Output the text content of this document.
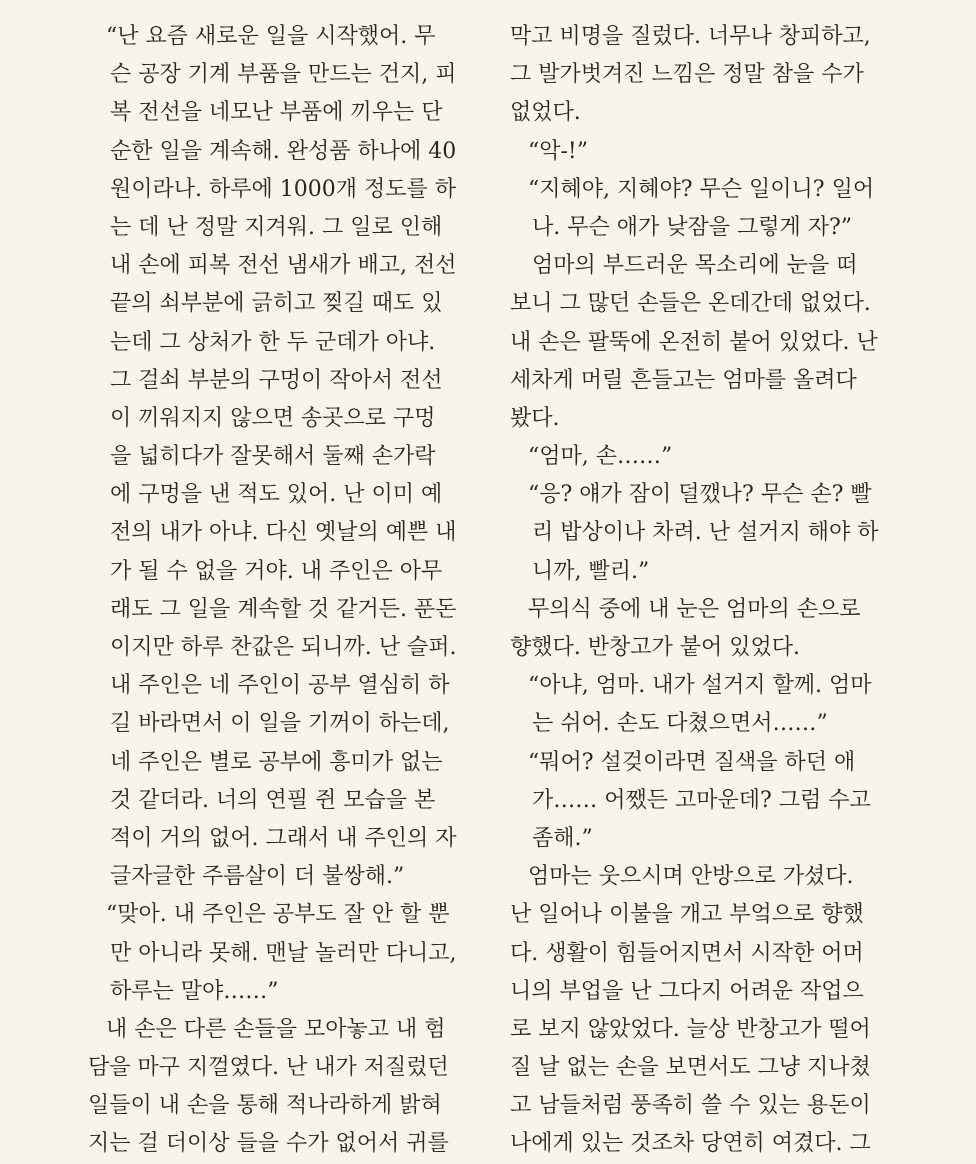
“난 요즘 새로운 일을 시작했어. 무
슨 공장 기계 부품을 만드는 건지, 피
복 전선을 네모난 부품에 끼우는 단
순한 일을 계속해. 완성품 하나에 40
원이라나. 하루에 1000개 정도를 하
는 데 난 정말 지겨워. 그 일로 인해
내 손에 피복 전선 냄새가 배고, 전선
끝의 쇠부분에 긁히고 찢길 때도 있
는데 그 상처가 한 두 군데가 아냐.
그 걸쇠 부분의 구멍이 작아서 전선
이 끼워지지 않으면 송곳으로 구멍
을 넓히다가 잘못해서 둘째 손가락
에 구멍을 낸 적도 있어. 난 이미 예
전의 내가 아냐. 다신 옛날의 예쁜 내
가 될 수 없을 거야. 내 주인은 아무
래도 그 일을 계속할 것 같거든. 푼돈
이지만 하루 찬값은 되니까. 난 슬퍼.
내 주인은 네 주인이 공부 열심히 하
길 바라면서 이 일을 기꺼이 하는데,
네 주인은 별로 공부에 흥미가 없는
것 같더라. 너의 연필 쥔 모습을 본
적이 거의 없어. 그래서 내 주인의 자
글자글한 주름살이 더 불쌍해.”
“맞아. 내 주인은 공부도 잘 안 할 뿐
만 아니라 못해. 맨날 놀러만 다니고,
하루는 말야……”
내 손은 다른 손들을 모아놓고 내 험
담을 마구 지껄였다. 난 내가 저질렀던
일들이 내 손을 통해 적나라하게 밝혀
지는 걸 더이상 들을 수가 없어서 귀를
막고 비명을 질렀다. 너무나 창피하고,
그 발가벗겨진 느낌은 정말 참을 수가
없었다.
“악-!”
“지혜야, 지혜야? 무슨 일이니? 일어
나. 무슨 애가 낮잠을 그렇게 자?”
엄마의 부드러운 목소리에 눈을 떠
보니 그 많던 손들은 온데간데 없었다.
내 손은 팔뚝에 온전히 붙어 있었다. 난
세차게 머릴 흔들고는 엄마를 올려다
봤다.
“엄마, 손……”
“응? 얘가 잠이 덜깼나? 무슨 손? 빨
리 밥상이나 차려. 난 설거지 해야 하
니까, 빨리.”
무의식 중에 내 눈은 엄마의 손으로
향했다. 반창고가 붙어 있었다.
“아냐, 엄마. 내가 설거지 할께. 엄마
는 쉬어. 손도 다쳤으면서……”
“뭐어? 설겆이라면 질색을 하던 애
가…… 어쨌든 고마운데? 그럼 수고
좀해.”
엄마는 웃으시며 안방으로 가셨다.
난 일어나 이불을 개고 부엌으로 향했
다. 생활이 힘들어지면서 시작한 어머
니의 부업을 난 그다지 어려운 작업으
로 보지 않았었다. 늘상 반창고가 떨어
질 날 없는 손을 보면서도 그냥 지나쳤
고 남들처럼 풍족히 쓸 수 있는 용돈이
나에게 있는 것조차 당연히 여겼다. 그
